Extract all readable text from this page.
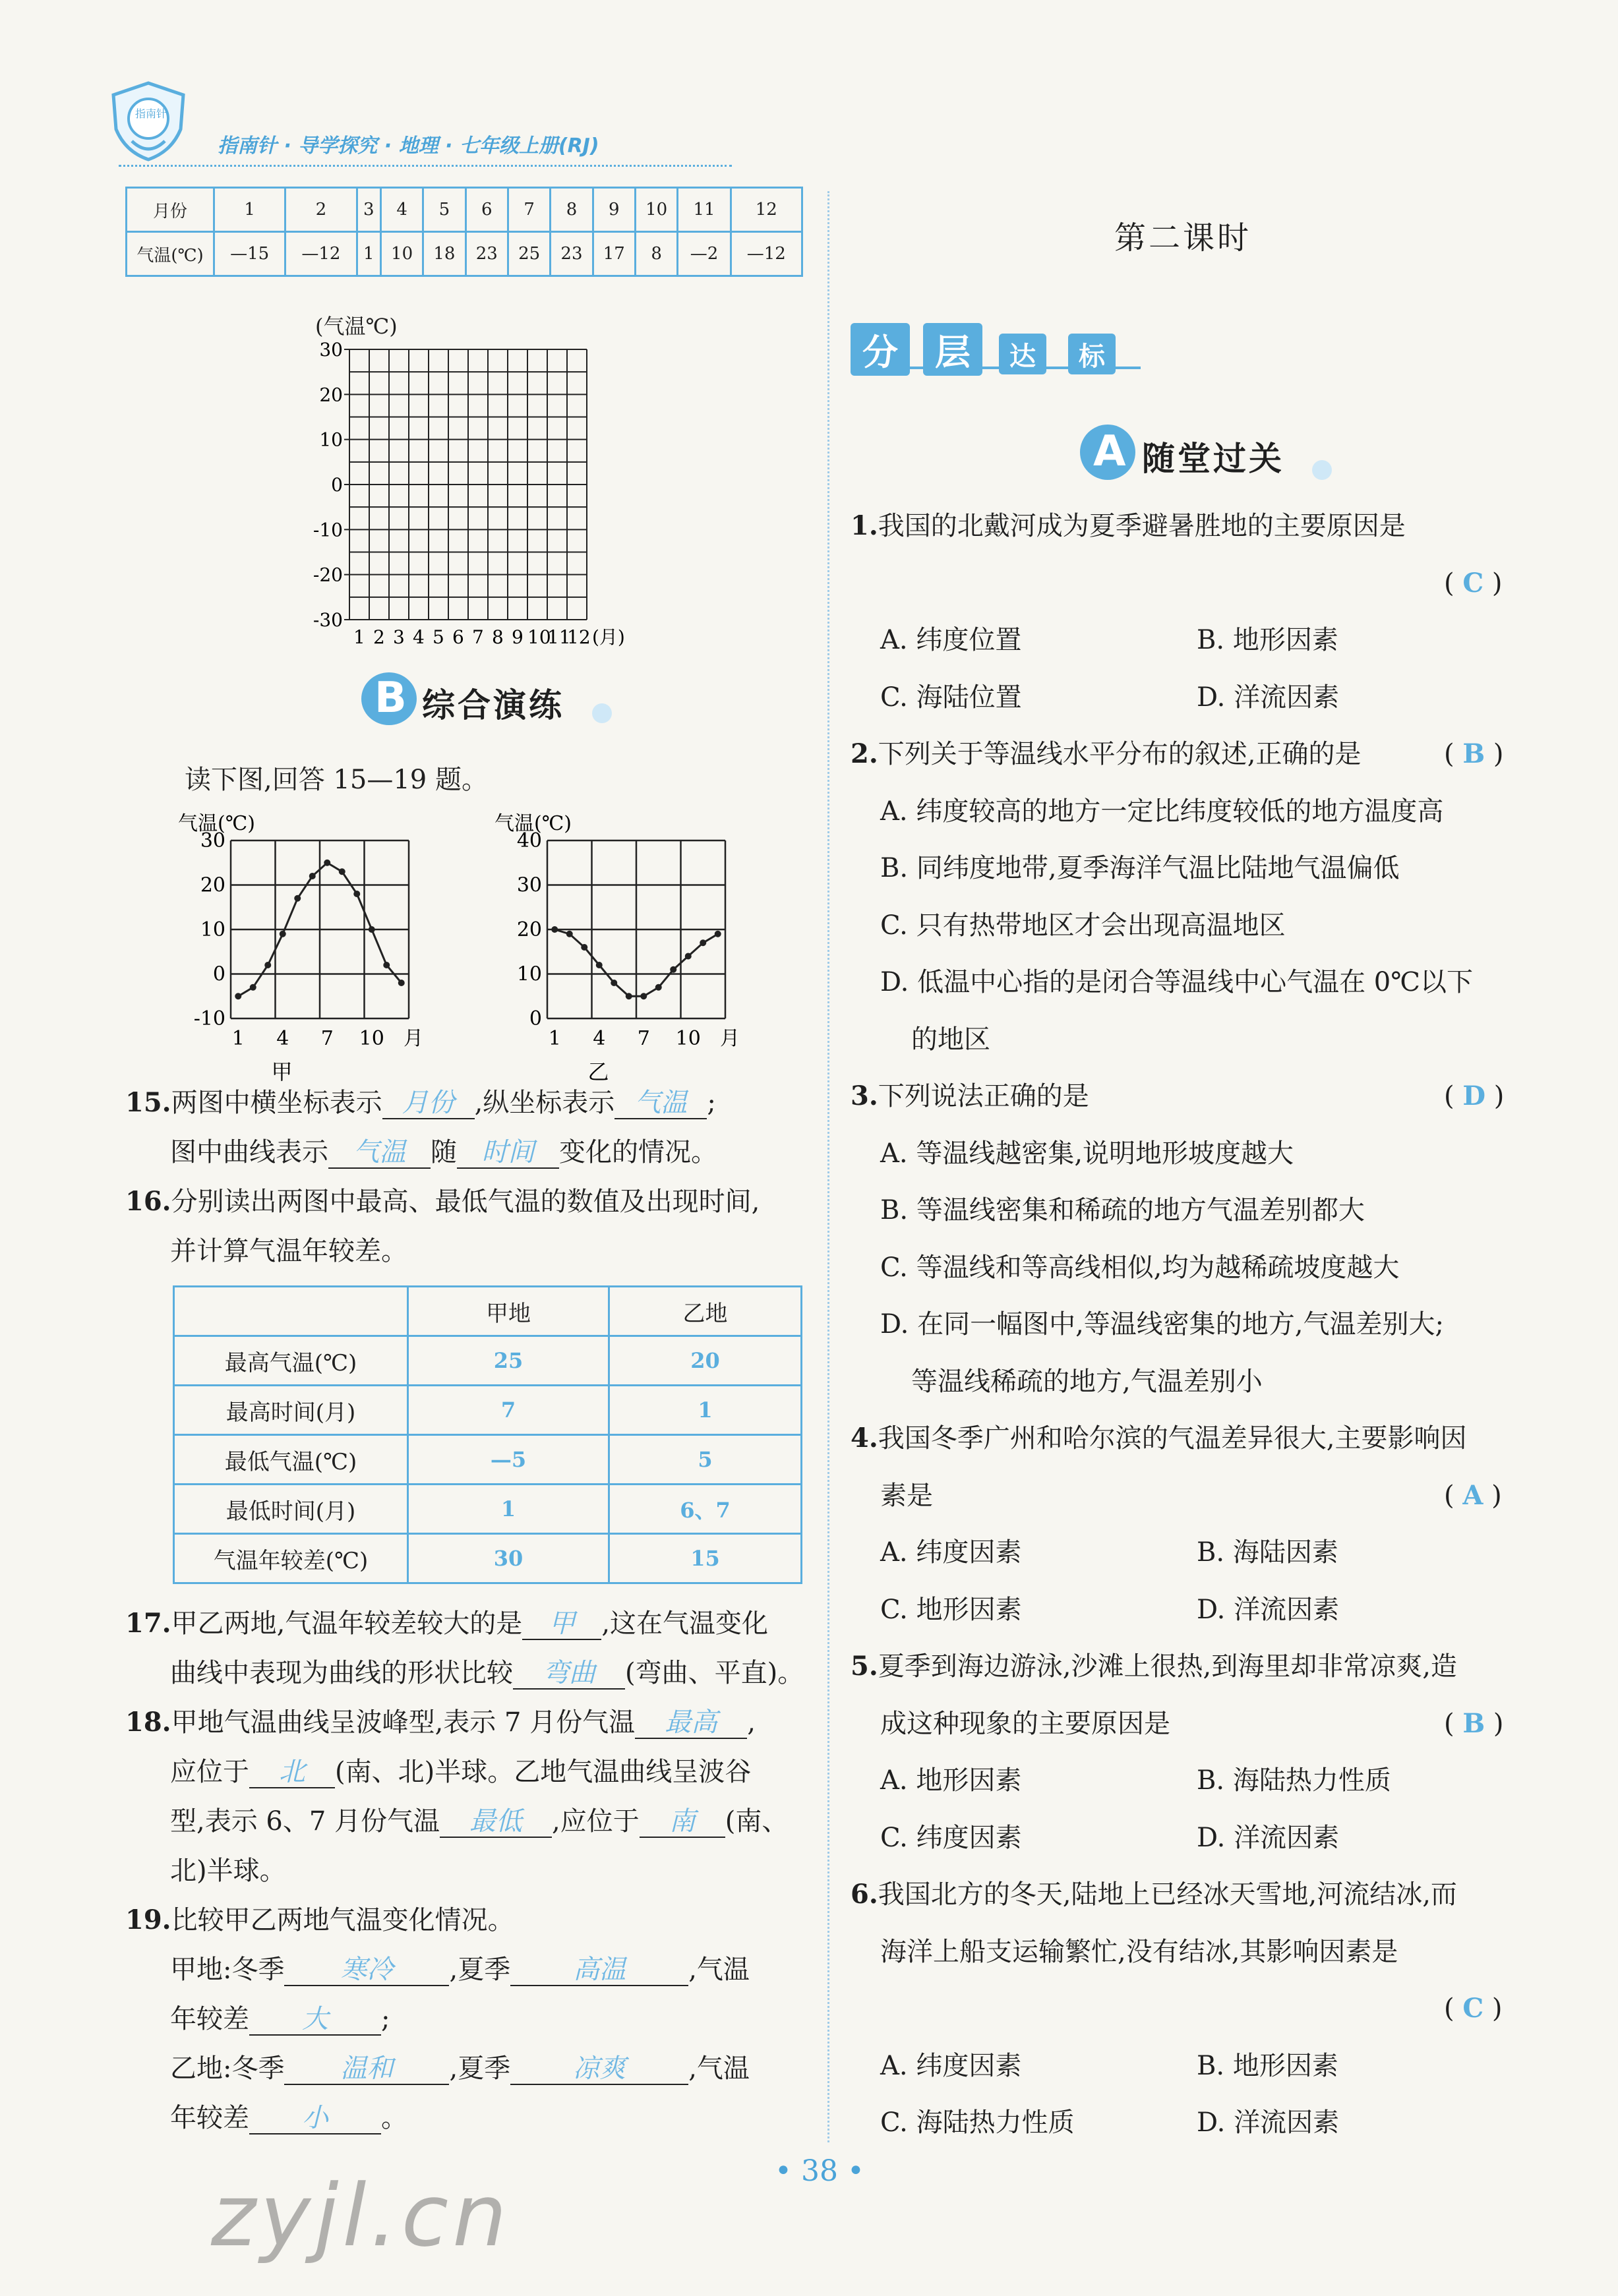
指南针
指南针 · 导学探究 · 地理 · 七年级上册(RJ)
月份	1	2	3	4	5	6	7	8	9	10	11	12
气温(℃)	—15	—12	1	10	18	23	25	23	17	8	—2	—12
(气温℃)
30
20
10
0
-10
-20
-30
1 2 3 4 5 6 7 8 9 10
11
12 (月)
B 综合演练
读下图,回答 15—19 题。
气温(℃)
30
20
10
0
-10
1 4 7 10 月
甲
气温(℃)
40
30
20
10
0
1 4 7 10 月
乙
15.两图中横坐标表示 月份 ,纵坐标表示 气温 ;
图中曲线表示 气温 随 时间 变化的情况。
16.分别读出两图中最高、最低气温的数值及出现时间,
并计算气温年较差。
	甲地	乙地
最高气温(℃)	25	20
最高时间(月)	7	1
最低气温(℃)	—5	5
最低时间(月)	1	6、7
气温年较差(℃)	30	15
17.甲乙两地,气温年较差较大的是 甲 ,这在气温变化
曲线中表现为曲线的形状比较 弯曲 (弯曲、平直)。
18.甲地气温曲线呈波峰型,表示 7 月份气温 最高 ,
应位于 北 (南、北)半球。乙地气温曲线呈波谷
型,表示 6、7 月份气温 最低 ,应位于 南 (南、
北)半球。
19.比较甲乙两地气温变化情况。
甲地:冬季 寒冷 ,夏季 高温 ,气温
年较差 大 ;
乙地:冬季 温和 ,夏季 凉爽 ,气温
年较差 小 。
第二课时
分 层 达 标
A 随堂过关
1.我国的北戴河成为夏季避暑胜地的主要原因是
( C )
A. 纬度位置	B. 地形因素
C. 海陆位置	D. 洋流因素
2.下列关于等温线水平分布的叙述,正确的是	( B )
A. 纬度较高的地方一定比纬度较低的地方温度高
B. 同纬度地带,夏季海洋气温比陆地气温偏低
C. 只有热带地区才会出现高温地区
D. 低温中心指的是闭合等温线中心气温在 0℃以下
的地区
3.下列说法正确的是	( D )
A. 等温线越密集,说明地形坡度越大
B. 等温线密集和稀疏的地方气温差别都大
C. 等温线和等高线相似,均为越稀疏坡度越大
D. 在同一幅图中,等温线密集的地方,气温差别大;
等温线稀疏的地方,气温差别小
4.我国冬季广州和哈尔滨的气温差异很大,主要影响因
素是	( A )
A. 纬度因素	B. 海陆因素
C. 地形因素	D. 洋流因素
5.夏季到海边游泳,沙滩上很热,到海里却非常凉爽,造
成这种现象的主要原因是	( B )
A. 地形因素	B. 海陆热力性质
C. 纬度因素	D. 洋流因素
6.我国北方的冬天,陆地上已经冰天雪地,河流结冰,而
海洋上船支运输繁忙,没有结冰,其影响因素是
( C )
A. 纬度因素	B. 地形因素
C. 海陆热力性质	D. 洋流因素
• 38 •
zyjl.cn
